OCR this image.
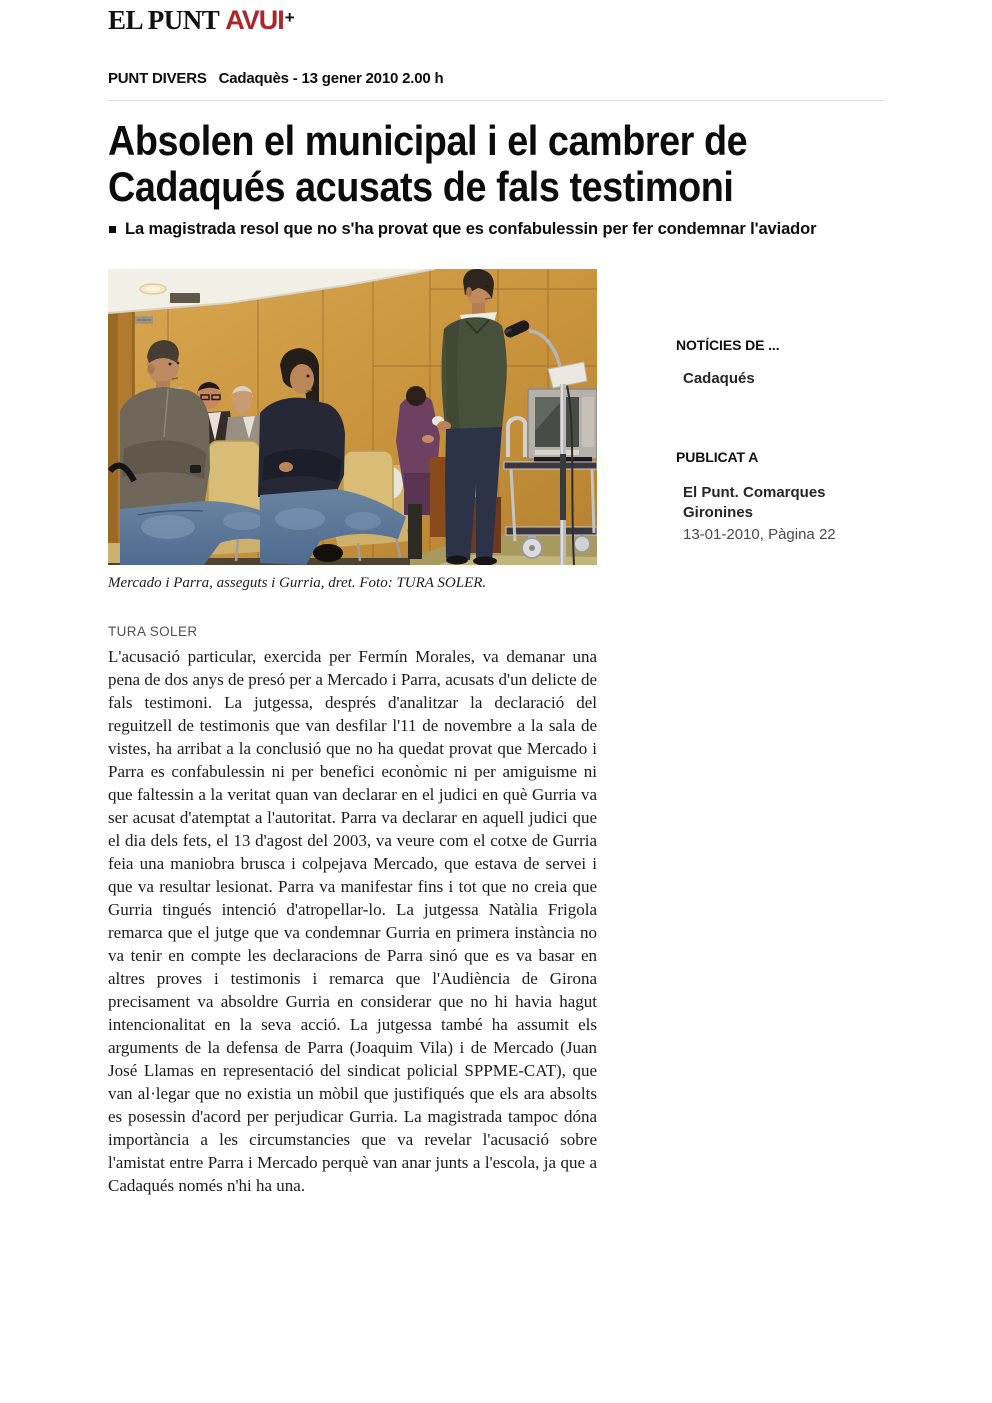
EL PUNT AVUI+
PUNT DIVERS Cadaquès - 13 gener 2010 2.00 h
Absolen el municipal i el cambrer de Cadaqués acusats de fals testimoni
La magistrada resol que no s'ha provat que es confabulessin per fer condemnar l'aviador
Mercado i Parra, asseguts i Gurria, dret. Foto: TURA SOLER.
TURA SOLER

L'acusació particular, exercida per Fermín Morales, va demanar una pena de dos anys de presó per a Mercado i Parra, acusats d'un delicte de fals testimoni. La jutgessa, després d'analitzar la declaració del reguitzell de testimonis que van desfilar l'11 de novembre a la sala de vistes, ha arribat a la conclusió que no ha quedat provat que Mercado i Parra es confabulessin ni per benefici econòmic ni per amiguisme ni que faltessin a la veritat quan van declarar en el judici en què Gurria va ser acusat d'atemptat a l'autoritat. Parra va declarar en aquell judici que el dia dels fets, el 13 d'agost del 2003, va veure com el cotxe de Gurria feia una maniobra brusca i colpejava Mercado, que estava de servei i que va resultar lesionat. Parra va manifestar fins i tot que no creia que Gurria tingués intenció d'atropellar-lo. La jutgessa Natàlia Frigola remarca que el jutge que va condemnar Gurria en primera instància no va tenir en compte les declaracions de Parra sinó que es va basar en altres proves i testimonis i remarca que l'Audiència de Girona precisament va absoldre Gurria en considerar que no hi havia hagut intencionalitat en la seva acció. La jutgessa també ha assumit els arguments de la defensa de Parra (Joaquim Vila) i de Mercado (Juan José Llamas en representació del sindicat policial SPPME-CAT), que van al·legar que no existia un mòbil que justifiqués que els ara absolts es posessin d'acord per perjudicar Gurria. La magistrada tampoc dóna importància a les circumstancies que va revelar l'acusació sobre l'amistat entre Parra i Mercado perquè van anar junts a l'escola, ja que a Cadaqués només n'hi ha una.

NOTÍCIES DE ...
Cadaqués
PUBLICAT A
El Punt. Comarques Gironines
13-01-2010, Pàgina 22
